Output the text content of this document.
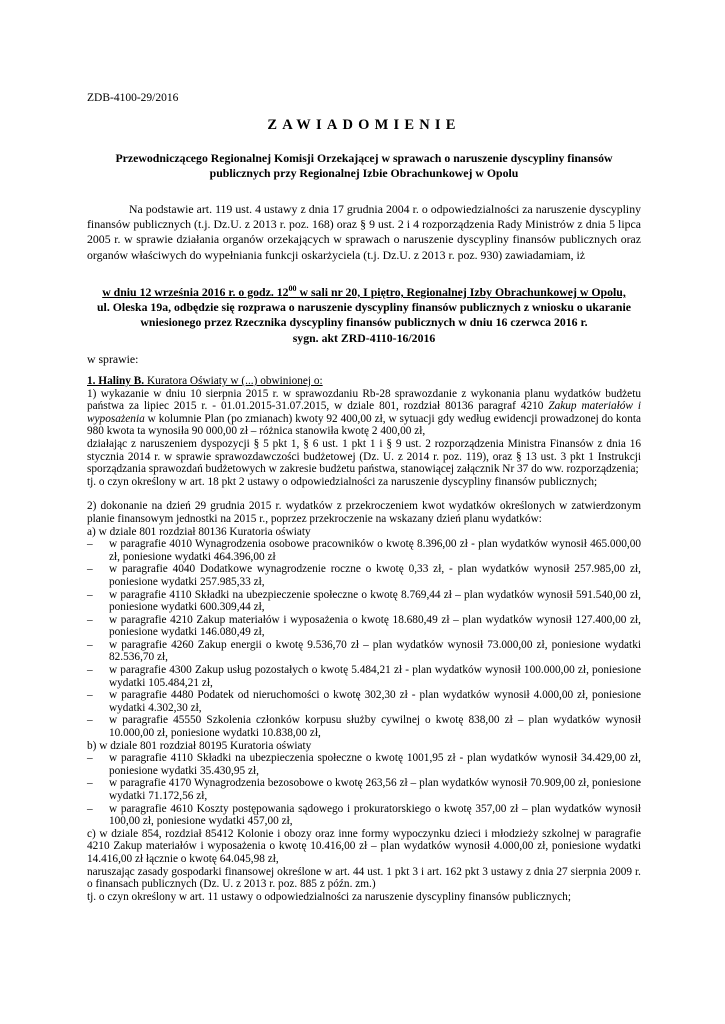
ZDB-4100-29/2016
ZAWIADOMIENIE
Przewodniczącego Regionalnej Komisji Orzekającej w sprawach o naruszenie dyscypliny finansów
publicznych przy Regionalnej Izbie Obrachunkowej w Opolu
Na podstawie art. 119 ust. 4 ustawy z dnia 17 grudnia 2004 r. o odpowiedzialności za naruszenie dyscypliny finansów publicznych (t.j. Dz.U. z 2013 r. poz. 168) oraz § 9 ust. 2 i 4 rozporządzenia Rady Ministrów z dnia 5 lipca 2005 r. w sprawie działania organów orzekających w sprawach o naruszenie dyscypliny finansów publicznych oraz organów właściwych do wypełniania funkcji oskarżyciela (t.j. Dz.U. z 2013 r. poz. 930) zawiadamiam, iż
w dniu 12 września 2016 r. o godz. $12^{00}$ w sali nr 20, I piętro, Regionalnej Izby Obrachunkowej w Opolu,
ul. Oleska 19a, odbędzie się rozprawa o naruszenie dyscypliny finansów publicznych z wniosku o ukaranie
wniesionego przez Rzecznika dyscypliny finansów publicznych w dniu 16 czerwca 2016 r.
sygn. akt ZRD-4110-16/2016
w sprawie:

1. Haliny B. Kuratora Oświaty w (...) obwinionej o:

1) wykazanie w dniu 10 sierpnia 2015 r. w sprawozdaniu Rb-28 sprawozdanie z wykonania planu wydatków budżetu państwa za lipiec 2015 r. - 01.01.2015-31.07.2015, w dziale 801, rozdział 80136 paragraf 4210 Zakup materiałów i wyposażenia w kolumnie Plan (po zmianach) kwoty 92 400,00 zł, w sytuacji gdy według ewidencji prowadzonej do konta 980 kwota ta wynosiła 90 000,00 zł – różnica stanowiła kwotę 2 400,00 zł,

działając z naruszeniem dyspozycji § 5 pkt 1, § 6 ust. 1 pkt 1 i § 9 ust. 2 rozporządzenia Ministra Finansów z dnia 16 stycznia 2014 r. w sprawie sprawozdawczości budżetowej (Dz. U. z 2014 r. poz. 119), oraz § 13 ust. 3 pkt 1 Instrukcji sporządzania sprawozdań budżetowych w zakresie budżetu państwa, stanowiącej załącznik Nr 37 do ww. rozporządzenia;

tj. o czyn określony w art. 18 pkt 2 ustawy o odpowiedzialności za naruszenie dyscypliny finansów publicznych;

2) dokonanie na dzień 29 grudnia 2015 r. wydatków z przekroczeniem kwot wydatków określonych w zatwierdzonym planie finansowym jednostki na 2015 r., poprzez przekroczenie na wskazany dzień planu wydatków:

a) w dziale 801 rozdział 80136 Kuratoria oświaty

– w paragrafie 4010 Wynagrodzenia osobowe pracowników o kwotę 8.396,00 zł - plan wydatków wynosił 465.000,00 zł, poniesione wydatki 464.396,00 zł
– w paragrafie 4040 Dodatkowe wynagrodzenie roczne o kwotę 0,33 zł, - plan wydatków wynosił 257.985,00 zł, poniesione wydatki 257.985,33 zł,
– w paragrafie 4110 Składki na ubezpieczenie społeczne o kwotę 8.769,44 zł – plan wydatków wynosił 591.540,00 zł, poniesione wydatki 600.309,44 zł,
– w paragrafie 4210 Zakup materiałów i wyposażenia o kwotę 18.680,49 zł – plan wydatków wynosił 127.400,00 zł, poniesione wydatki 146.080,49 zł,
– w paragrafie 4260 Zakup energii o kwotę 9.536,70 zł – plan wydatków wynosił 73.000,00 zł, poniesione wydatki 82.536,70 zł,
– w paragrafie 4300 Zakup usług pozostałych o kwotę 5.484,21 zł - plan wydatków wynosił 100.000,00 zł, poniesione wydatki 105.484,21 zł,
– w paragrafie 4480 Podatek od nieruchomości o kwotę 302,30 zł - plan wydatków wynosił 4.000,00 zł, poniesione wydatki 4.302,30 zł,
– w paragrafie 45550 Szkolenia członków korpusu służby cywilnej o kwotę 838,00 zł – plan wydatków wynosił 10.000,00 zł, poniesione wydatki 10.838,00 zł,

b) w dziale 801 rozdział 80195 Kuratoria oświaty

– w paragrafie 4110 Składki na ubezpieczenia społeczne o kwotę 1001,95 zł - plan wydatków wynosił 34.429,00 zł, poniesione wydatki 35.430,95 zł,
– w paragrafie 4170 Wynagrodzenia bezosobowe o kwotę 263,56 zł – plan wydatków wynosił 70.909,00 zł, poniesione wydatki 71.172,56 zł,
– w paragrafie 4610 Koszty postępowania sądowego i prokuratorskiego o kwotę 357,00 zł – plan wydatków wynosił 100,00 zł, poniesione wydatki 457,00 zł,

c) w dziale 854, rozdział 85412 Kolonie i obozy oraz inne formy wypoczynku dzieci i młodzieży szkolnej w paragrafie 4210 Zakup materiałów i wyposażenia o kwotę 10.416,00 zł – plan wydatków wynosił 4.000,00 zł, poniesione wydatki 14.416,00 zł łącznie o kwotę 64.045,98 zł,

naruszając zasady gospodarki finansowej określone w art. 44 ust. 1 pkt 3 i art. 162 pkt 3 ustawy z dnia 27 sierpnia 2009 r. o finansach publicznych (Dz. U. z 2013 r. poz. 885 z późn. zm.)

tj. o czyn określony w art. 11 ustawy o odpowiedzialności za naruszenie dyscypliny finansów publicznych;
